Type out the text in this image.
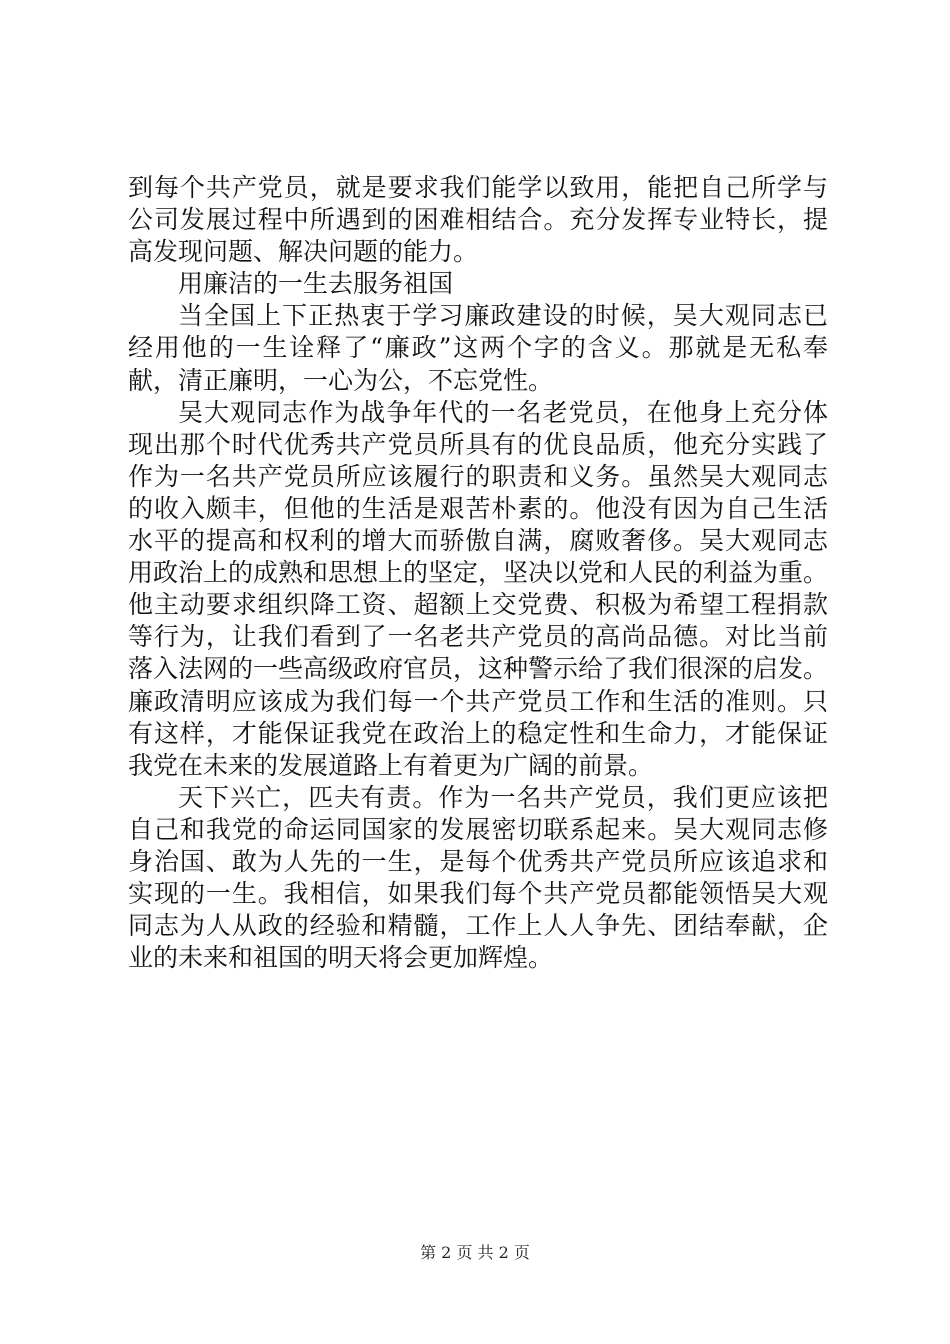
到每个共产党员，就是要求我们能学以致用，能把自己所学与
公司发展过程中所遇到的困难相结合。充分发挥专业特长，提
高发现问题、解决问题的能力。
用廉洁的一生去服务祖国
当全国上下正热衷于学习廉政建设的时候，吴大观同志已
经用他的一生诠释了“廉政”这两个字的含义。那就是无私奉
献，清正廉明，一心为公，不忘党性。
吴大观同志作为战争年代的一名老党员，在他身上充分体
现出那个时代优秀共产党员所具有的优良品质，他充分实践了
作为一名共产党员所应该履行的职责和义务。虽然吴大观同志
的收入颇丰，但他的生活是艰苦朴素的。他没有因为自己生活
水平的提高和权利的增大而骄傲自满，腐败奢侈。吴大观同志
用政治上的成熟和思想上的坚定，坚决以党和人民的利益为重。
他主动要求组织降工资、超额上交党费、积极为希望工程捐款
等行为，让我们看到了一名老共产党员的高尚品德。对比当前
落入法网的一些高级政府官员，这种警示给了我们很深的启发。
廉政清明应该成为我们每一个共产党员工作和生活的准则。只
有这样，才能保证我党在政治上的稳定性和生命力，才能保证
我党在未来的发展道路上有着更为广阔的前景。
天下兴亡，匹夫有责。作为一名共产党员，我们更应该把
自己和我党的命运同国家的发展密切联系起来。吴大观同志修
身治国、敢为人先的一生，是每个优秀共产党员所应该追求和
实现的一生。我相信，如果我们每个共产党员都能领悟吴大观
同志为人从政的经验和精髓，工作上人人争先、团结奉献，企
业的未来和祖国的明天将会更加辉煌。
第 2 页 共 2 页
